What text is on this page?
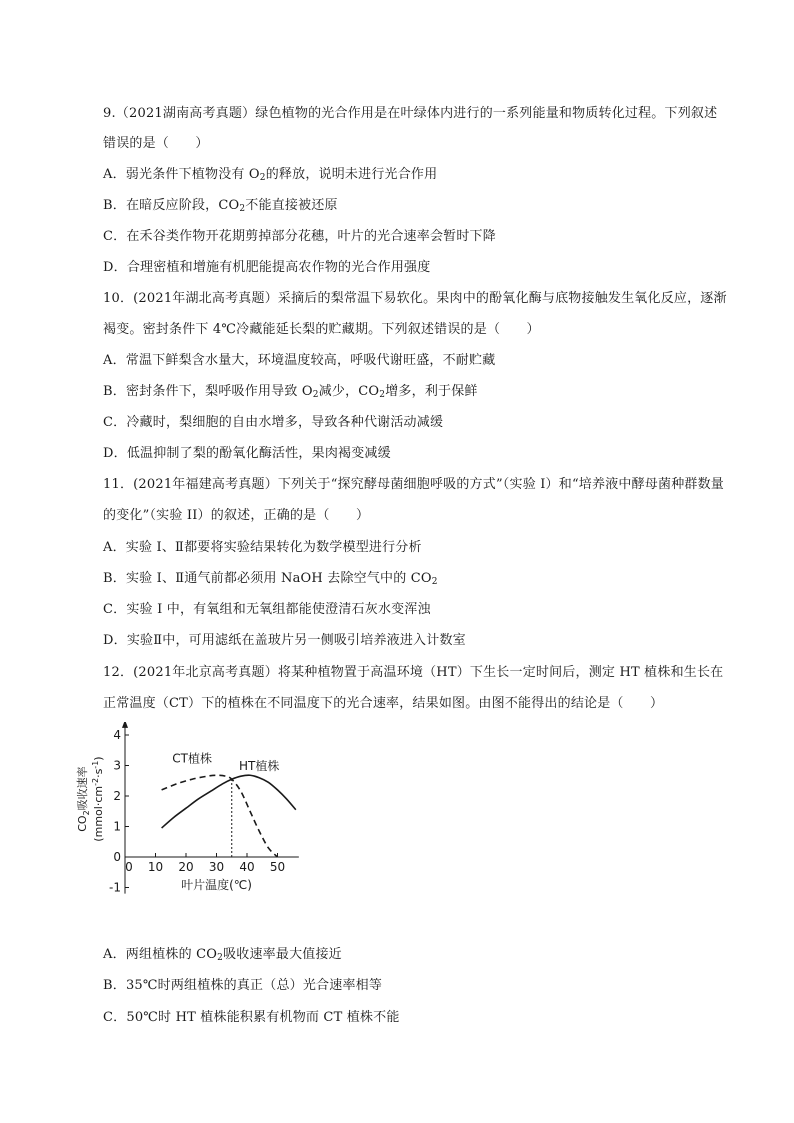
9.（2021湖南高考真题）绿色植物的光合作用是在叶绿体内进行的一系列能量和物质转化过程。下列叙述
错误的是（　　）
A．弱光条件下植物没有 $O_2$的释放，说明未进行光合作用
B．在暗反应阶段，$CO_2$不能直接被还原
C．在禾谷类作物开花期剪掉部分花穗，叶片的光合速率会暂时下降
D．合理密植和增施有机肥能提高农作物的光合作用强度
10．(2021年湖北高考真题）采摘后的梨常温下易软化。果肉中的酚氧化酶与底物接触发生氧化反应，逐渐
褐变。密封条件下 4℃冷藏能延长梨的贮藏期。下列叙述错误的是（　　）
A．常温下鲜梨含水量大，环境温度较高，呼吸代谢旺盛，不耐贮藏
B．密封条件下，梨呼吸作用导致 $O_2$减少，$CO_2$增多，利于保鲜
C．冷藏时，梨细胞的自由水增多，导致各种代谢活动减缓
D．低温抑制了梨的酚氧化酶活性，果肉褐变减缓
11．(2021年福建高考真题）下列关于“探究酵母菌细胞呼吸的方式”（实验 I）和“培养液中酵母菌种群数量
的变化”（实验 II）的叙述，正确的是（　　）
A．实验 I、Ⅱ都要将实验结果转化为数学模型进行分析
B．实验 I、Ⅱ通气前都必须用 NaOH 去除空气中的 $CO_2$
C．实验 I 中，有氧组和无氧组都能使澄清石灰水变浑浊
D．实验Ⅱ中，可用滤纸在盖玻片另一侧吸引培养液进入计数室
12．(2021年北京高考真题）将某种植物置于高温环境（HT）下生长一定时间后，测定 HT 植株和生长在
正常温度（CT）下的植株在不同温度下的光合速率，结果如图。由图不能得出的结论是（　　）
-1
0
1
2
3
4
0 10 20 30 40 50
CT植株
HT植株
叶片温度(℃)
$CO_2$吸收速率 $(mmol\cdot cm^{-2}\cdot s^{-1})$
A．两组植株的 $CO_2$吸收速率最大值接近
B．35℃时两组植株的真正（总）光合速率相等
C．50℃时 HT 植株能积累有机物而 CT 植株不能
